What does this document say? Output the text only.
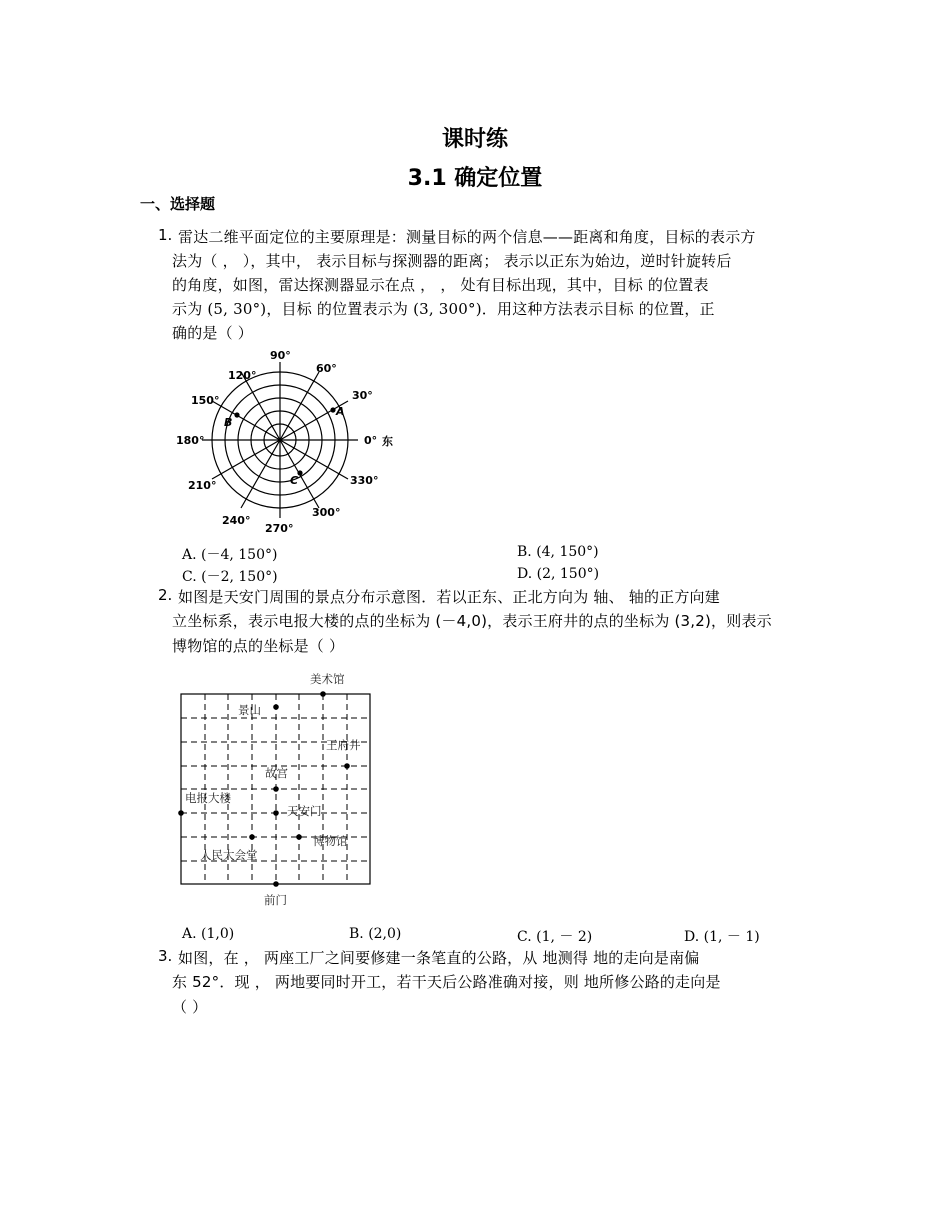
课时练
3.1 确定位置
一、选择题
1. 雷达二维平面定位的主要原理是：测量目标的两个信息——距离和角度，目标的表示方
法为（ ， ），其中， 表示目标与探测器的距离； 表示以正东为始边，逆时针旋转后
的角度，如图，雷达探测器显示在点 ， ， 处有目标出现，其中，目标 的位置表
示为 (5, 30°)，目标 的位置表示为 (3, 300°)．用这种方法表示目标 的位置，正
确的是（ ）
90°
120°
60°
150°	30°
180°	0° 东
210°	330°
240°
300°
270°
A
B
C
A. (－4, 150°)	B. (4, 150°)
C. (－2, 150°)	D. (2, 150°)
2. 如图是天安门周围的景点分布示意图．若以正东、正北方向为 轴、 轴的正方向建
立坐标系，表示电报大楼的点的坐标为 (－4,0)，表示王府井的点的坐标为 (3,2)，则表示
博物馆的点的坐标是（ ）
美术馆
景山
王府井
故宫
电报大楼
天安门
博物馆
人民大会堂
前门
A. (1,0)	B. (2,0)	C. (1, － 2)	D. (1, － 1)
3. 如图，在 ， 两座工厂之间要修建一条笔直的公路，从 地测得 地的走向是南偏
东 52°．现 ， 两地要同时开工，若干天后公路准确对接，则 地所修公路的走向是
（ ）
